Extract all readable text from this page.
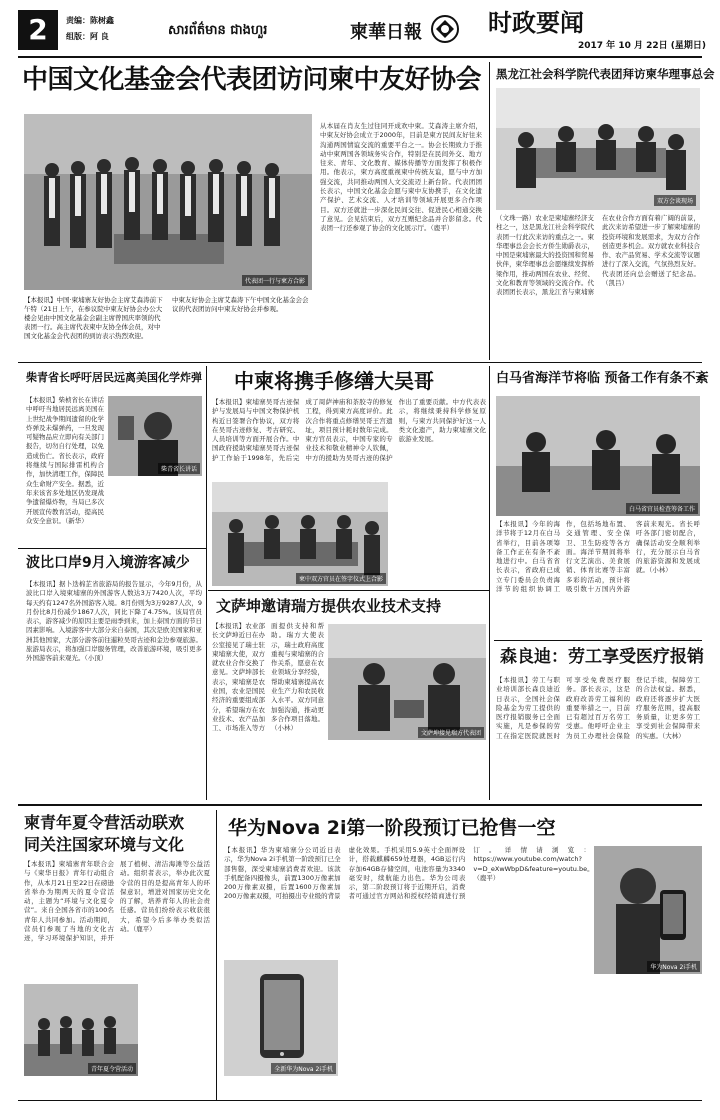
2	责编：陈树鑫
组版：阿 良	សារព័ត៌មាន ជាងហួរ	柬華日報	时政要闻
2017 年 10 月 22日 (星期日)
中国文化基金会代表团访问柬中友好协会
代表团一行与柬方合影
【本报讯】中国·柬埔寨友好协会主席艾森涛前下午特（21日上午，在参议院中柬友好协会办公大楼会见由中国文化基金会副主席曾国庆率领的代表团一行。高主席代表柬中友协全体会员，对中国文化基金会代表团的到访表示热烈欢迎。
中柬友好协会主席艾森涛下午中国文化基金会会议的代表团访问中柬友好协会并参观。
从本届在肖友生过往同开成欢中柬。艾森涛主席介绍，中柬友好协会成立于2000年，目前是柬方民间友好往来沟通两国情谊交流的重要平台之一。协会长期致力于推动中柬两国各领域务实合作，特别是在民间外交、地方往来、青年、文化教育、媒体传播等方面发挥了积极作用。他表示，柬方高度重视柬中传统友谊，愿与中方加强交流，共同推动两国人文交流迈上新台阶。代表团团长表示，中国文化基金会愿与柬中友协携手，在文化遗产保护、艺术交流、人才培训等领域开展更多合作项目。双方还就进一步深化民间交往、促进民心相通交换了意见。会见结束后，双方互赠纪念品并合影留念。代表团一行还参观了协会的文化展示厅。（鹿平）
黑龙江社会科学院代表团拜访柬华理事总会
双方会谈现场
（文珠一路）农业是柬埔寨经济支柱之一，这是黑龙江社会科学院代表团一行此次来访的重点之一。柬华理事总会会长方侨生勋爵表示，中国是柬埔寨最大的投资国和贸易伙伴，柬华理事总会愿继续发挥桥梁作用，推动两国在农业、经贸、文化和教育等领域的交流合作。代表团团长表示，黑龙江省与柬埔寨在农业合作方面有着广阔的前景，此次来访希望进一步了解柬埔寨的投资环境和发展需求，为双方合作创造更多机会。双方就农业科技合作、农产品贸易、学术交流等议题进行了深入交流，气氛热烈友好。代表团还向总会赠送了纪念品。（凯吕）
柴青省长呼吁居民远离美国化学炸弹
柴青省长讲话
【本报讯】柴桢省长在讲话中呼吁当地居民远离美国在上世纪战争期间遗留的化学炸弹及未爆弹药，一旦发现可疑物品应立即向有关部门报告，切勿自行处理，以免造成伤亡。省长表示，政府将继续与国际排雷机构合作，加快清理工作，保障民众生命财产安全。据悉，近年来该省多处地区仍发现战争遗留爆炸物，当局已多次开展宣传教育活动，提高民众安全意识。（新华）
中柬将携手修缮大吴哥
【本报讯】柬埔寨吴哥古迹保护与发展局与中国文物保护机构近日签署合作协议，双方将在吴哥古迹修复、考古研究、人员培训等方面开展合作。中国政府援助柬埔寨吴哥古迹保护工作始于1998年，先后完成了周萨神庙和茶胶寺的修复工程，得到柬方高度评价。此次合作将重点修缮吴哥王宫遗址，项目预计耗时数年完成。柬方官员表示，中国专家的专业技术和敬业精神令人钦佩，中方的援助为吴哥古迹的保护作出了重要贡献。中方代表表示，将继续秉持科学修复原则，与柬方共同保护好这一人类文化遗产，助力柬埔寨文化旅游业发展。
柬中双方官员在签字仪式上合影
白马省海洋节将临 预备工作有条不紊
白马省官员检查筹备工作
【本报讯】今年的海洋节将于12月在白马省举行，目前各项筹备工作正在有条不紊地进行中。白马省省长表示，省政府已成立专门委员会负责海洋节的组织协调工作，包括场地布置、交通管理、安全保卫、卫生防疫等各方面。海洋节期间将举行文艺演出、美食展销、体育比赛等丰富多彩的活动，预计将吸引数十万国内外游客前来观光。省长呼吁各部门密切配合，确保活动安全顺利举行，充分展示白马省的旅游资源和发展成就。（小林）
波比口岸9月入境游客减少
【本报讯】据卜迭棉芷省旅游局的报告显示，今年9月份，从波比口岸入境柬埔寨的外国游客人数达3万7420人次，平均每天约有1247名外国游客入境。8月份则为3万9287人次，9月份比8月份减少1867人次，同比下降了4.75%。该局官员表示，游客减少的原因主要是雨季到来，加上泰国方面的节日因素影响。入境游客中大部分来自泰国，其次是欧美国家和亚洲其他国家，大部分游客前往暹粒吴哥古迹和金边参观旅游。旅游局表示，将加强口岸服务管理，改善旅游环境，吸引更多外国游客前来观光。（小顶）
文萨坤邀请瑞方提供农业技术支持
【本报讯】农业部长文萨坤近日在办公室接见了瑞士驻柬埔寨大使，双方就农业合作交换了意见。文萨坤部长表示，柬埔寨是农业国，农业是国民经济的重要组成部分，希望瑞方在农业技术、农产品加工、市场准入等方面提供支持和帮助。瑞方大使表示，瑞士政府高度重视与柬埔寨的合作关系，愿意在农业领域分享经验，帮助柬埔寨提高农业生产力和农民收入水平。双方同意加强沟通，推动更多合作项目落地。（小林）
文萨坤接见瑞方代表团
森良迪：劳工享受医疗报销
【本报讯】劳工与职业培训部长森良迪近日表示，全国社会保险基金为劳工提供的医疗报销服务已全面实施，凡是参保的劳工在指定医院就医时可享受免费医疗服务。部长表示，这是政府改善劳工福利的重要举措之一，目前已有超过百万名劳工受惠。他呼吁企业主为员工办理社会保险登记手续，保障劳工的合法权益。据悉，政府还将逐步扩大医疗服务范围，提高服务质量，让更多劳工享受到社会保障带来的实惠。（大林）
柬青年夏令营活动联欢
同关注国家环境与文化
【本报讯】柬埔寨青年联合会与《柬华日报》青年行动组合作，从本月21日至22日在磅逊省举办为期两天的夏令营活动，主题为“环境与文化夏令营”。来自全国各省市的100名青年人共同参加。活动期间，营员们参观了当地的文化古迹，学习环境保护知识，并开展了植树、清洁海滩等公益活动。组织者表示，举办此次夏令营的目的是提高青年人的环保意识，增进对国家历史文化的了解，培养青年人的社会责任感。营员们纷纷表示收获很大，希望今后多举办类似活动。（鹿平）
青年夏令营活动
华为Nova 2i第一阶段预订已抢售一空
【本报讯】华为柬埔寨分公司近日表示，华为Nova 2i手机第一阶段预订已全部售罄，深受柬埔寨消费者欢迎。该款手机配备四摄像头，前置1300万像素加200万像素双摄，后置1600万像素加200万像素双摄，可拍摄出专业级的背景虚化效果。手机采用5.9英寸全面屏设计，搭载麒麟659处理器，4GB运行内存加64GB存储空间，电池容量为3340毫安时，续航能力出色。华为公司表示，第二阶段预订将于近期开启，消费者可通过官方网站和授权经销商进行预订。详情请浏览：https://www.youtube.com/watch?v=D_eXwWbpD&feature=youtu.be。（鹿平）
全新华为Nova 2i手机
华为Nova 2i手机
